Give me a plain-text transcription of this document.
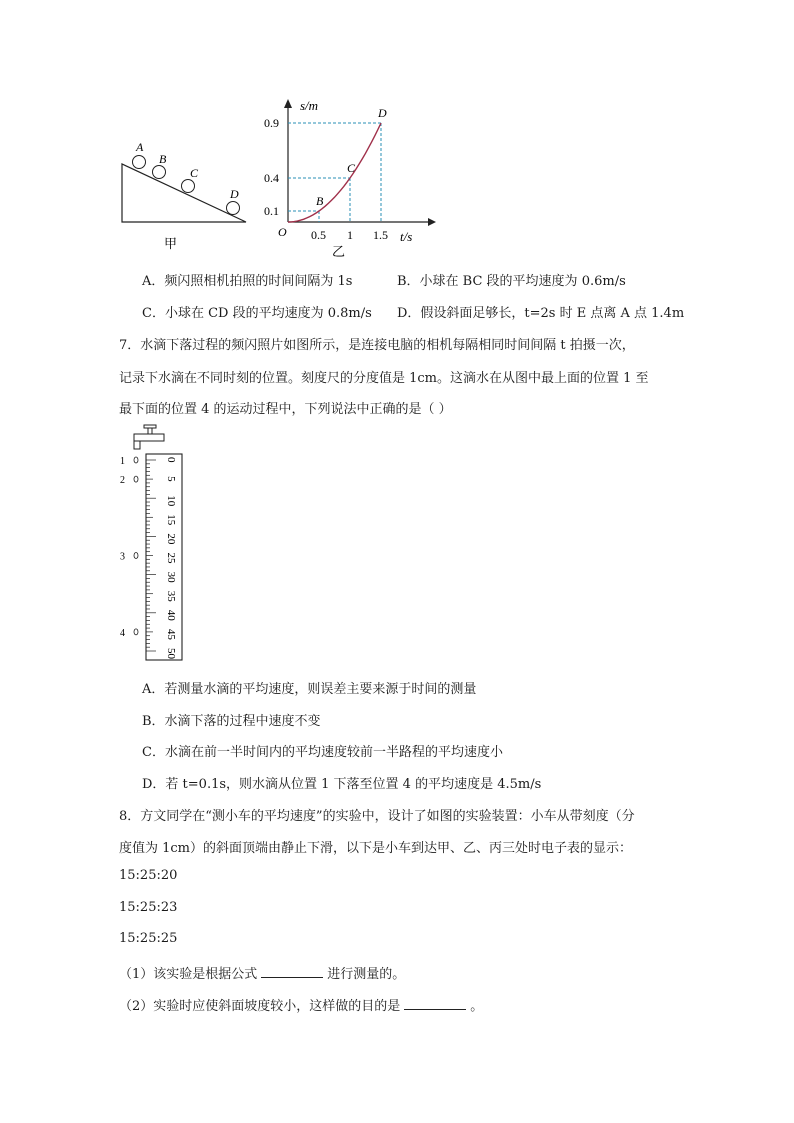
A
B
C
D
甲
s/m
t/s
O
B
C
D
0.9
0.4
0.1
0.5 1 1.5
乙
A．频闪照相机拍照的时间间隔为 1s	B．小球在 BC 段的平均速度为 0.6m/s
C．小球在 CD 段的平均速度为 0.8m/s D．假设斜面足够长，t=2s 时 E 点离 A 点 1.4m
7．水滴下落过程的频闪照片如图所示，是连接电脑的相机每隔相同时间间隔 t 拍摄一次，
记录下水滴在不同时刻的位置。刻度尺的分度值是 1cm。这滴水在从图中最上面的位置 1 至
最下面的位置 4 的运动过程中，下列说法中正确的是（ ）
0
5
10
15
20
25
30
35
40
45
50
1
2
3
4
A．若测量水滴的平均速度，则误差主要来源于时间的测量
B．水滴下落的过程中速度不变
C．水滴在前一半时间内的平均速度较前一半路程的平均速度小
D．若 t=0.1s，则水滴从位置 1 下落至位置 4 的平均速度是 4.5m/s
8．方文同学在“测小车的平均速度”的实验中，设计了如图的实验装置：小车从带刻度（分
度值为 1cm）的斜面顶端由静止下滑，以下是小车到达甲、乙、丙三处时电子表的显示：
15:25:20
15:25:23
15:25:25
（1）该实验是根据公式	进行测量的。
（2）实验时应使斜面坡度较小，这样做的目的是	。
